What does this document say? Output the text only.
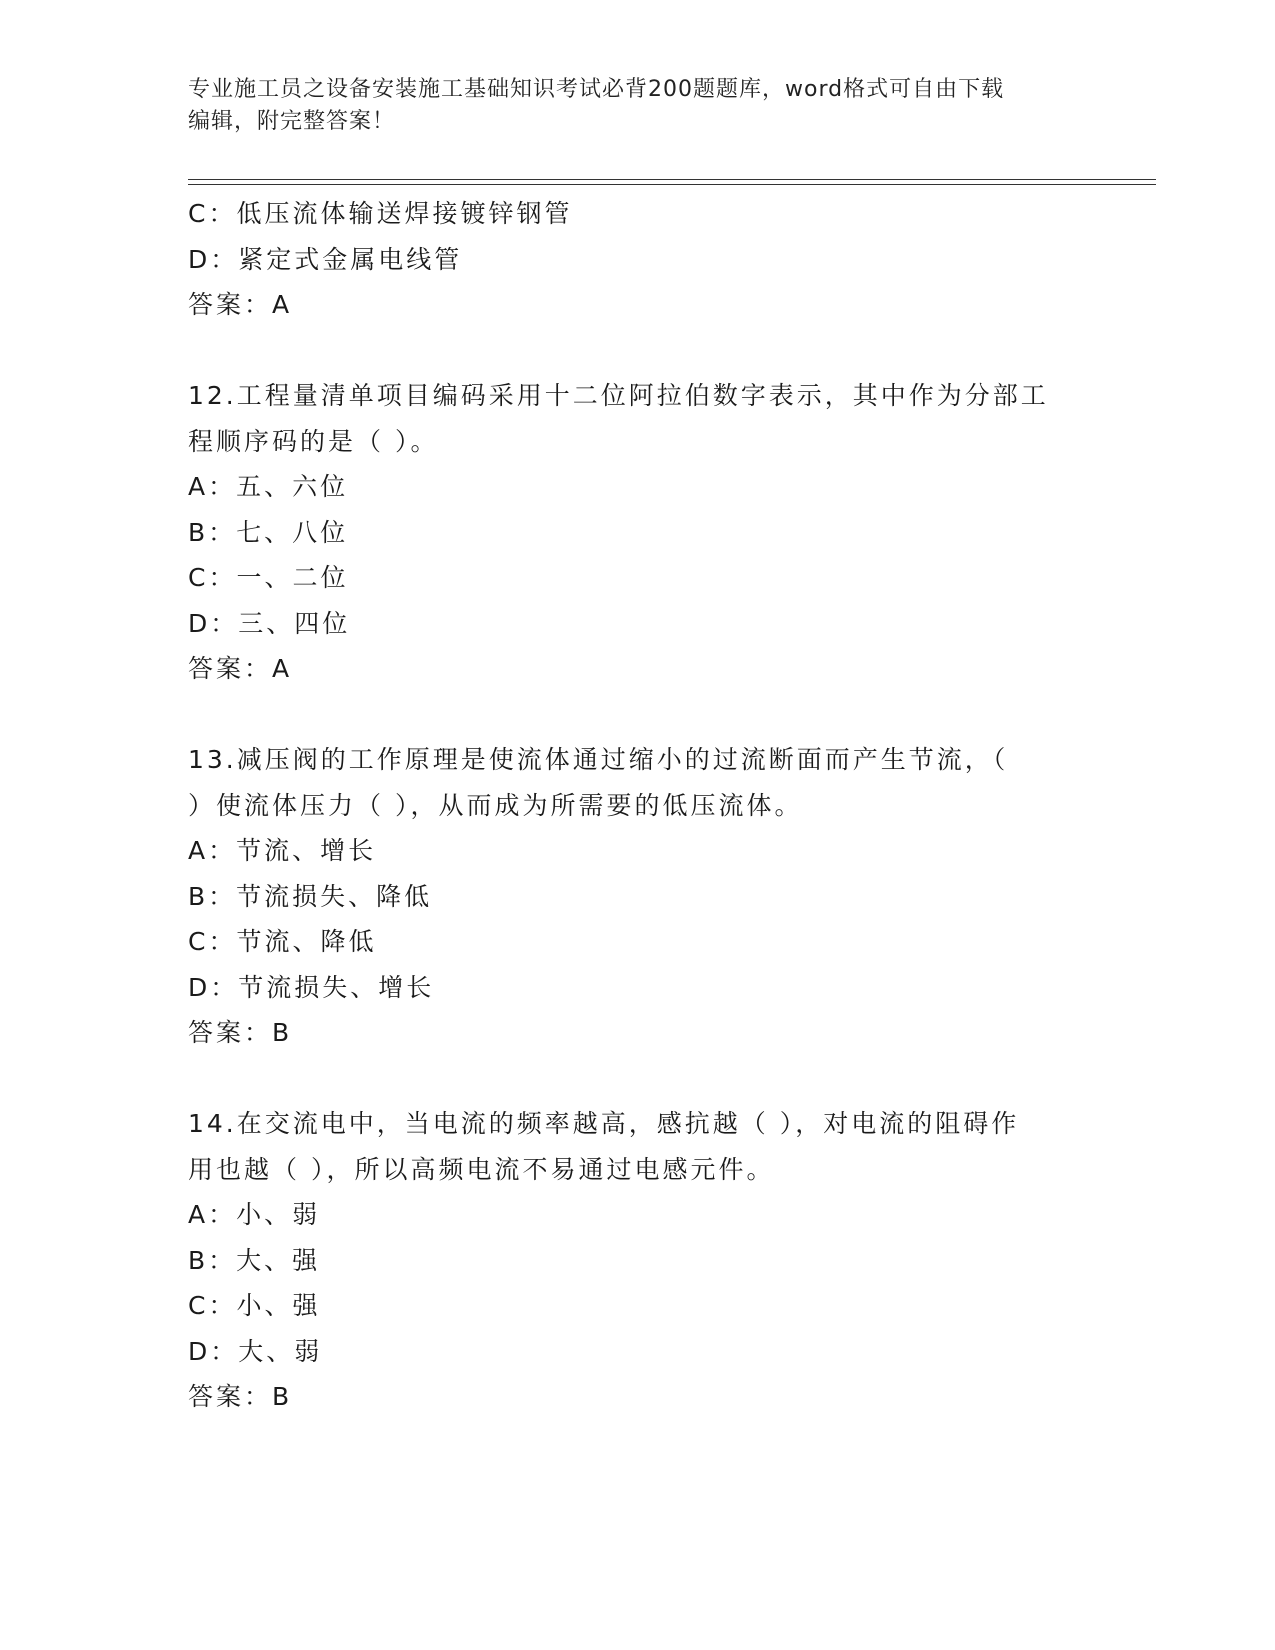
专业施工员之设备安装施工基础知识考试必背200题题库，word格式可自由下载
编辑，附完整答案！
C：低压流体输送焊接镀锌钢管
D：紧定式金属电线管
答案：A
12.工程量清单项目编码采用十二位阿拉伯数字表示，其中作为分部工
程顺序码的是（ ）。
A：五、六位
B：七、八位
C：一、二位
D：三、四位
答案：A
13.减压阀的工作原理是使流体通过缩小的过流断面而产生节流，（
）使流体压力（ ），从而成为所需要的低压流体。
A：节流、增长
B：节流损失、降低
C：节流、降低
D：节流损失、增长
答案：B
14.在交流电中，当电流的频率越高，感抗越（ ），对电流的阻碍作
用也越（ ），所以高频电流不易通过电感元件。
A：小、弱
B：大、强
C：小、强
D：大、弱
答案：B
